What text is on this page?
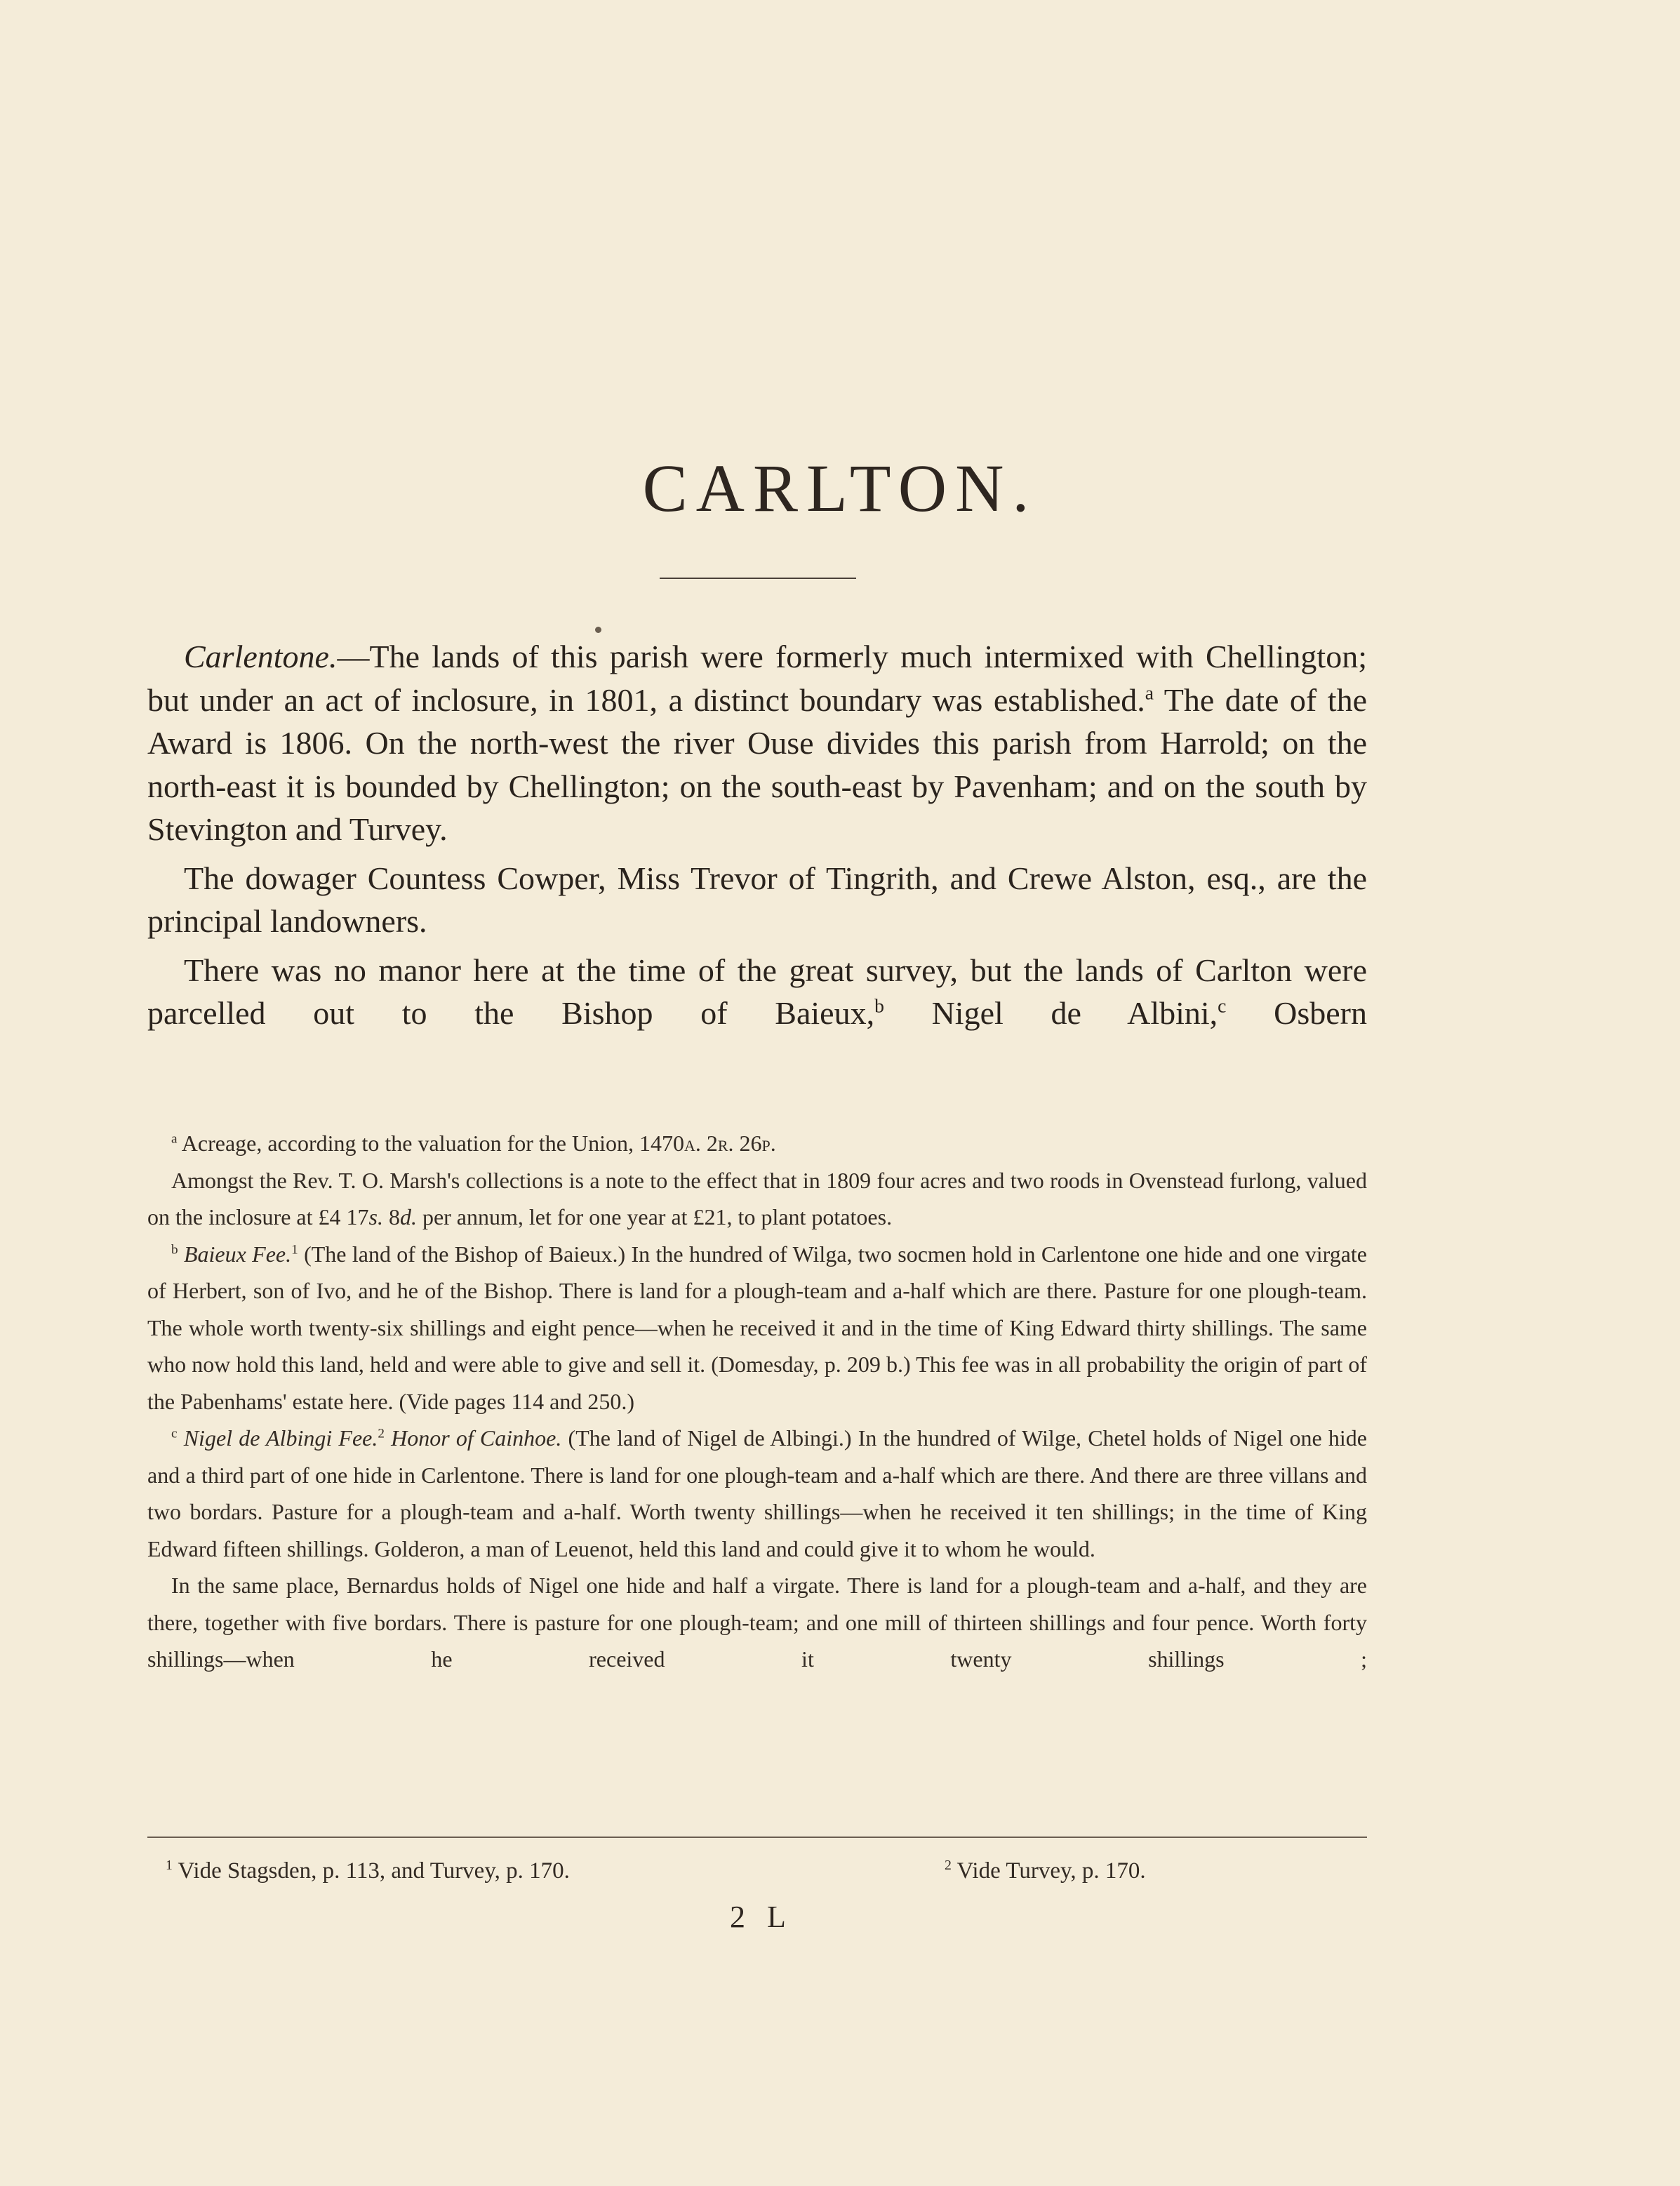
CARLTON.

Carlentone.—The lands of this parish were formerly much intermixed with Chellington; but under an act of inclosure, in 1801, a distinct boundary was established.$^a$ The date of the Award is 1806. On the north-west the river Ouse divides this parish from Harrold; on the north-east it is bounded by Chellington; on the south-east by Pavenham; and on the south by Stevington and Turvey.

The dowager Countess Cowper, Miss Trevor of Tingrith, and Crewe Alston, esq., are the principal landowners.

There was no manor here at the time of the great survey, but the lands of Carlton were parcelled out to the Bishop of Baieux,$^b$ Nigel de Albini,$^c$ Osbern

$^a$ Acreage, according to the valuation for the Union, 1470a. 2r. 26p.

Amongst the Rev. T. O. Marsh's collections is a note to the effect that in 1809 four acres and two roods in Ovenstead furlong, valued on the inclosure at £4 17s. 8d. per annum, let for one year at £21, to plant potatoes.

$^b$ Baieux Fee.$^1$ (The land of the Bishop of Baieux.) In the hundred of Wilga, two socmen hold in Carlentone one hide and one virgate of Herbert, son of Ivo, and he of the Bishop. There is land for a plough-team and a-half which are there. Pasture for one plough-team. The whole worth twenty-six shillings and eight pence—when he received it and in the time of King Edward thirty shillings. The same who now hold this land, held and were able to give and sell it. (Domesday, p. 209 b.) This fee was in all probability the origin of part of the Pabenhams' estate here. (Vide pages 114 and 250.)

$^c$ Nigel de Albingi Fee.$^2$ Honor of Cainhoe. (The land of Nigel de Albingi.) In the hundred of Wilge, Chetel holds of Nigel one hide and a third part of one hide in Carlentone. There is land for one plough-team and a-half which are there. And there are three villans and two bordars. Pasture for a plough-team and a-half. Worth twenty shillings—when he received it ten shillings; in the time of King Edward fifteen shillings. Golderon, a man of Leuenot, held this land and could give it to whom he would.

In the same place, Bernardus holds of Nigel one hide and half a virgate. There is land for a plough-team and a-half, and they are there, together with five bordars. There is pasture for one plough-team; and one mill of thirteen shillings and four pence. Worth forty shillings—when he received it twenty shillings ;

$^1$ Vide Stagsden, p. 113, and Turvey, p. 170.	$^2$ Vide Turvey, p. 170.
2 L
